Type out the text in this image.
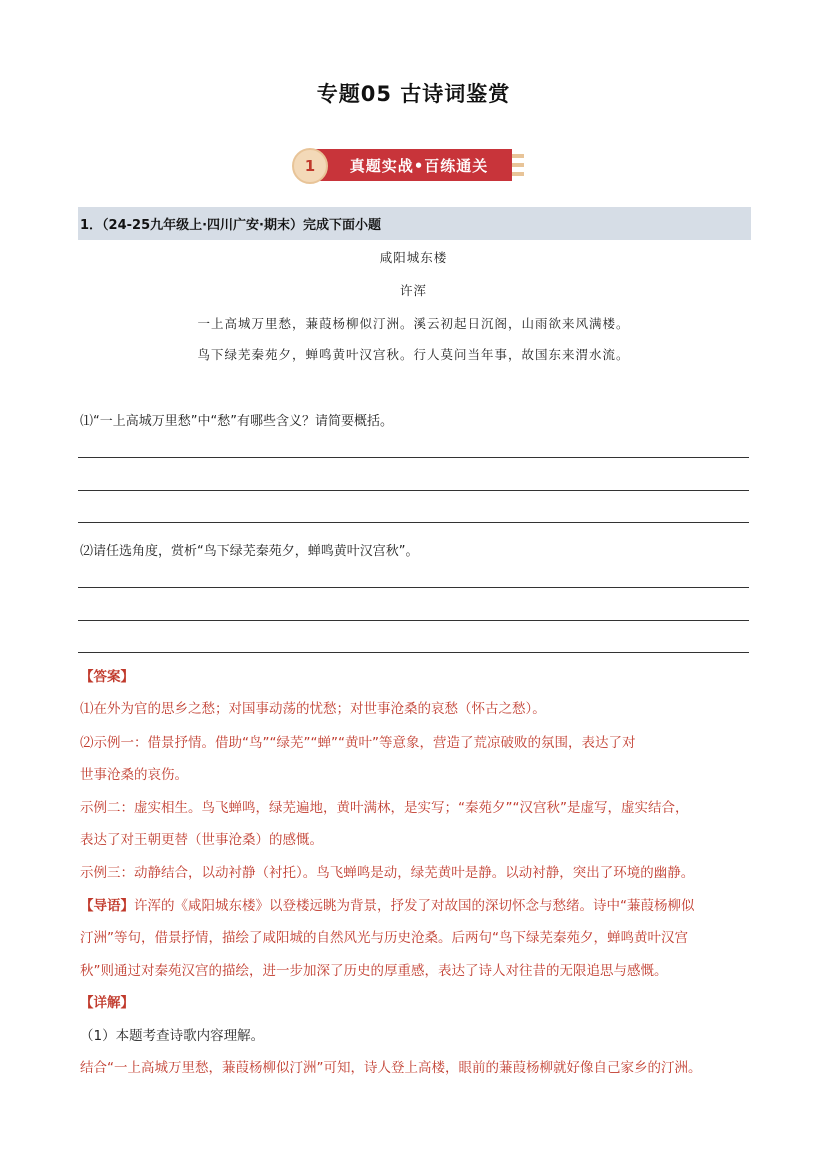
专题05 古诗词鉴赏
1	真题实战•百练通关
1．（24-25九年级上·四川广安·期末）完成下面小题
咸阳城东楼
许浑
一上高城万里愁，蒹葭杨柳似汀洲。溪云初起日沉阁，山雨欲来风满楼。
鸟下绿芜秦苑夕，蝉鸣黄叶汉宫秋。行人莫问当年事，故国东来渭水流。
⑴“一上高城万里愁”中“愁”有哪些含义？请简要概括。
⑵请任选角度，赏析“鸟下绿芜秦苑夕，蝉鸣黄叶汉宫秋”。
【答案】
⑴在外为官的思乡之愁；对国事动荡的忧愁；对世事沧桑的哀愁（怀古之愁）。
⑵示例一：借景抒情。借助“鸟”“绿芜”“蝉”“黄叶”等意象，营造了荒凉破败的氛围，表达了对
世事沧桑的哀伤。
示例二：虚实相生。鸟飞蝉鸣，绿芜遍地，黄叶满林，是实写；“秦苑夕”“汉宫秋”是虚写，虚实结合，
表达了对王朝更替（世事沧桑）的感慨。
示例三：动静结合，以动衬静（衬托）。鸟飞蝉鸣是动，绿芜黄叶是静。以动衬静，突出了环境的幽静。
【导语】许浑的《咸阳城东楼》以登楼远眺为背景，抒发了对故国的深切怀念与愁绪。诗中“蒹葭杨柳似
汀洲”等句，借景抒情，描绘了咸阳城的自然风光与历史沧桑。后两句“鸟下绿芜秦苑夕，蝉鸣黄叶汉宫
秋”则通过对秦苑汉宫的描绘，进一步加深了历史的厚重感，表达了诗人对往昔的无限追思与感慨。
【详解】
（1）本题考查诗歌内容理解。
结合“一上高城万里愁，蒹葭杨柳似汀洲”可知，诗人登上高楼，眼前的蒹葭杨柳就好像自己家乡的汀洲。
